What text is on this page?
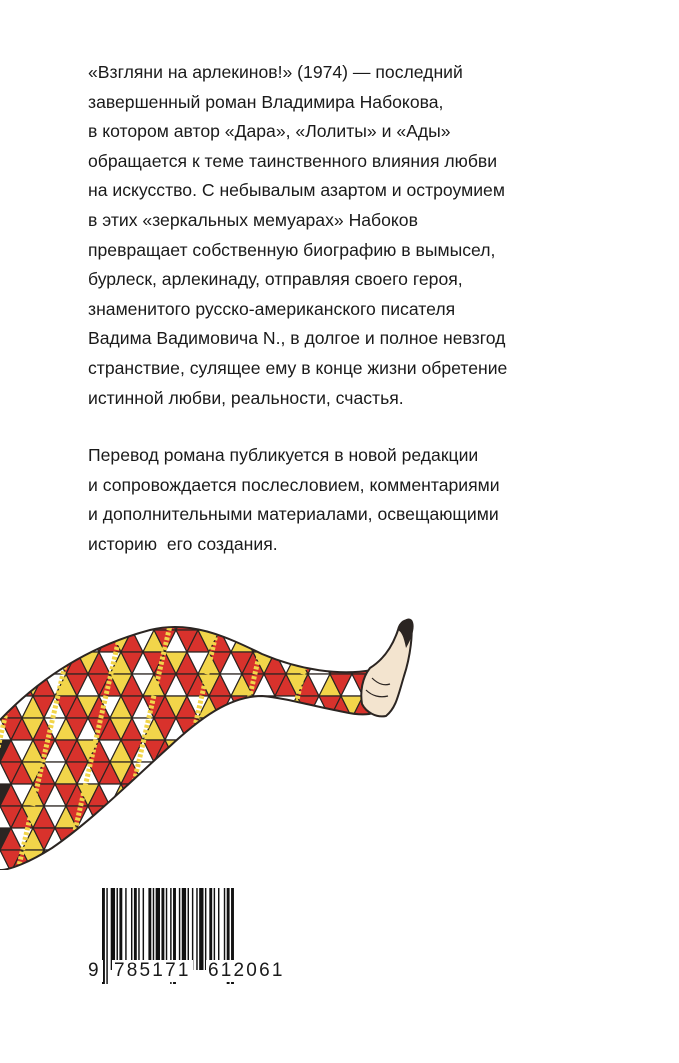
«Взгляни на арлекинов!» (1974) — последний
завершенный роман Владимира Набокова,
в котором автор «Дара», «Лолиты» и «Ады»
обращается к теме таинственного влияния любви
на искусство. С небывалым азартом и остроумием
в этих «зеркальных мемуарах» Набоков
превращает собственную биографию в вымысел,
бурлеск, арлекинаду, отправляя своего героя,
знаменитого русско-американского писателя
Вадима Вадимовича N., в долгое и полное невзгод
странствие, сулящее ему в конце жизни обретение
истинной любви, реальности, счастья.
Перевод романа публикуется в новой редакции
и сопровождается послесловием, комментариями
и дополнительными материалами, освещающими
историю  его создания.
9 785171 612061
